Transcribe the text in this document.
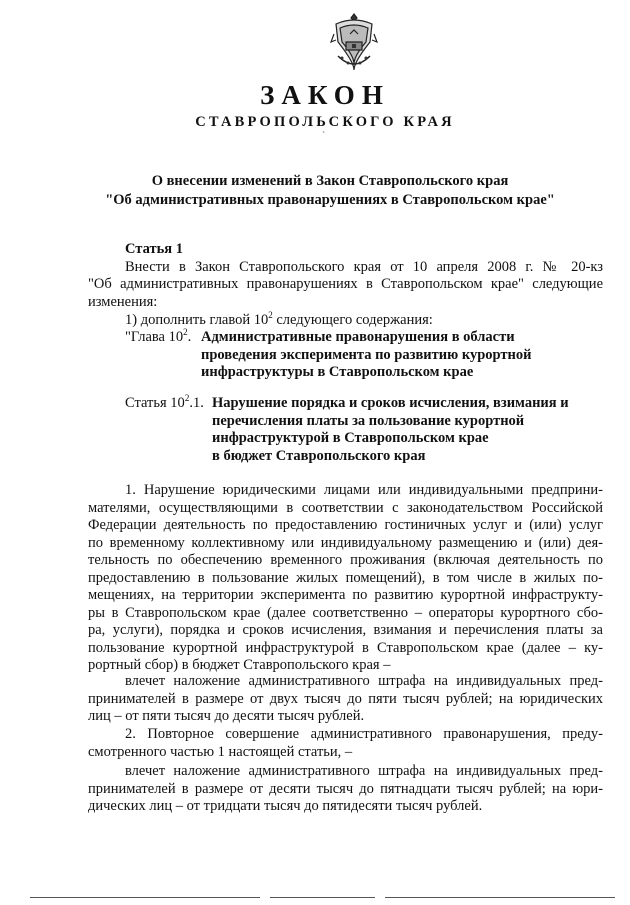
ЗАКОН
СТАВРОПОЛЬСКОГО КРАЯ
`
О внесении изменений в Закон Ставропольского края
"Об административных правонарушениях в Ставропольском крае"
Статья 1
Внести в Закон Ставропольского края от 10 апреля 2008 г. № 20-кз
"Об административных правонарушениях в Ставропольском крае" следующие
изменения:
1) дополнить главой $10^2$ следующего содержания:
"Глава $10^2$. Административные правонарушения в области
проведения эксперимента по развитию курортной
инфраструктуры в Ставропольском крае
Статья $10^2.1$. Нарушение порядка и сроков исчисления, взимания и
перечисления платы за пользование курортной
инфраструктурой в Ставропольском крае
в бюджет Ставропольского края
1. Нарушение юридическими лицами или индивидуальными предприни-
мателями, осуществляющими в соответствии с законодательством Российской
Федерации деятельность по предоставлению гостиничных услуг и (или) услуг
по временному коллективному или индивидуальному размещению и (или) дея-
тельность по обеспечению временного проживания (включая деятельность по
предоставлению в пользование жилых помещений), в том числе в жилых по-
мещениях, на территории эксперимента по развитию курортной инфраструкту-
ры в Ставропольском крае (далее соответственно – операторы курортного сбо-
ра, услуги), порядка и сроков исчисления, взимания и перечисления платы за
пользование курортной инфраструктурой в Ставропольском крае (далее – ку-
рортный сбор) в бюджет Ставропольского края –
влечет наложение административного штрафа на индивидуальных пред-
принимателей в размере от двух тысяч до пяти тысяч рублей; на юридических
лиц – от пяти тысяч до десяти тысяч рублей.
2. Повторное совершение административного правонарушения, преду-
смотренного частью 1 настоящей статьи, –
влечет наложение административного штрафа на индивидуальных пред-
принимателей в размере от десяти тысяч до пятнадцати тысяч рублей; на юри-
дических лиц – от тридцати тысяч до пятидесяти тысяч рублей.
